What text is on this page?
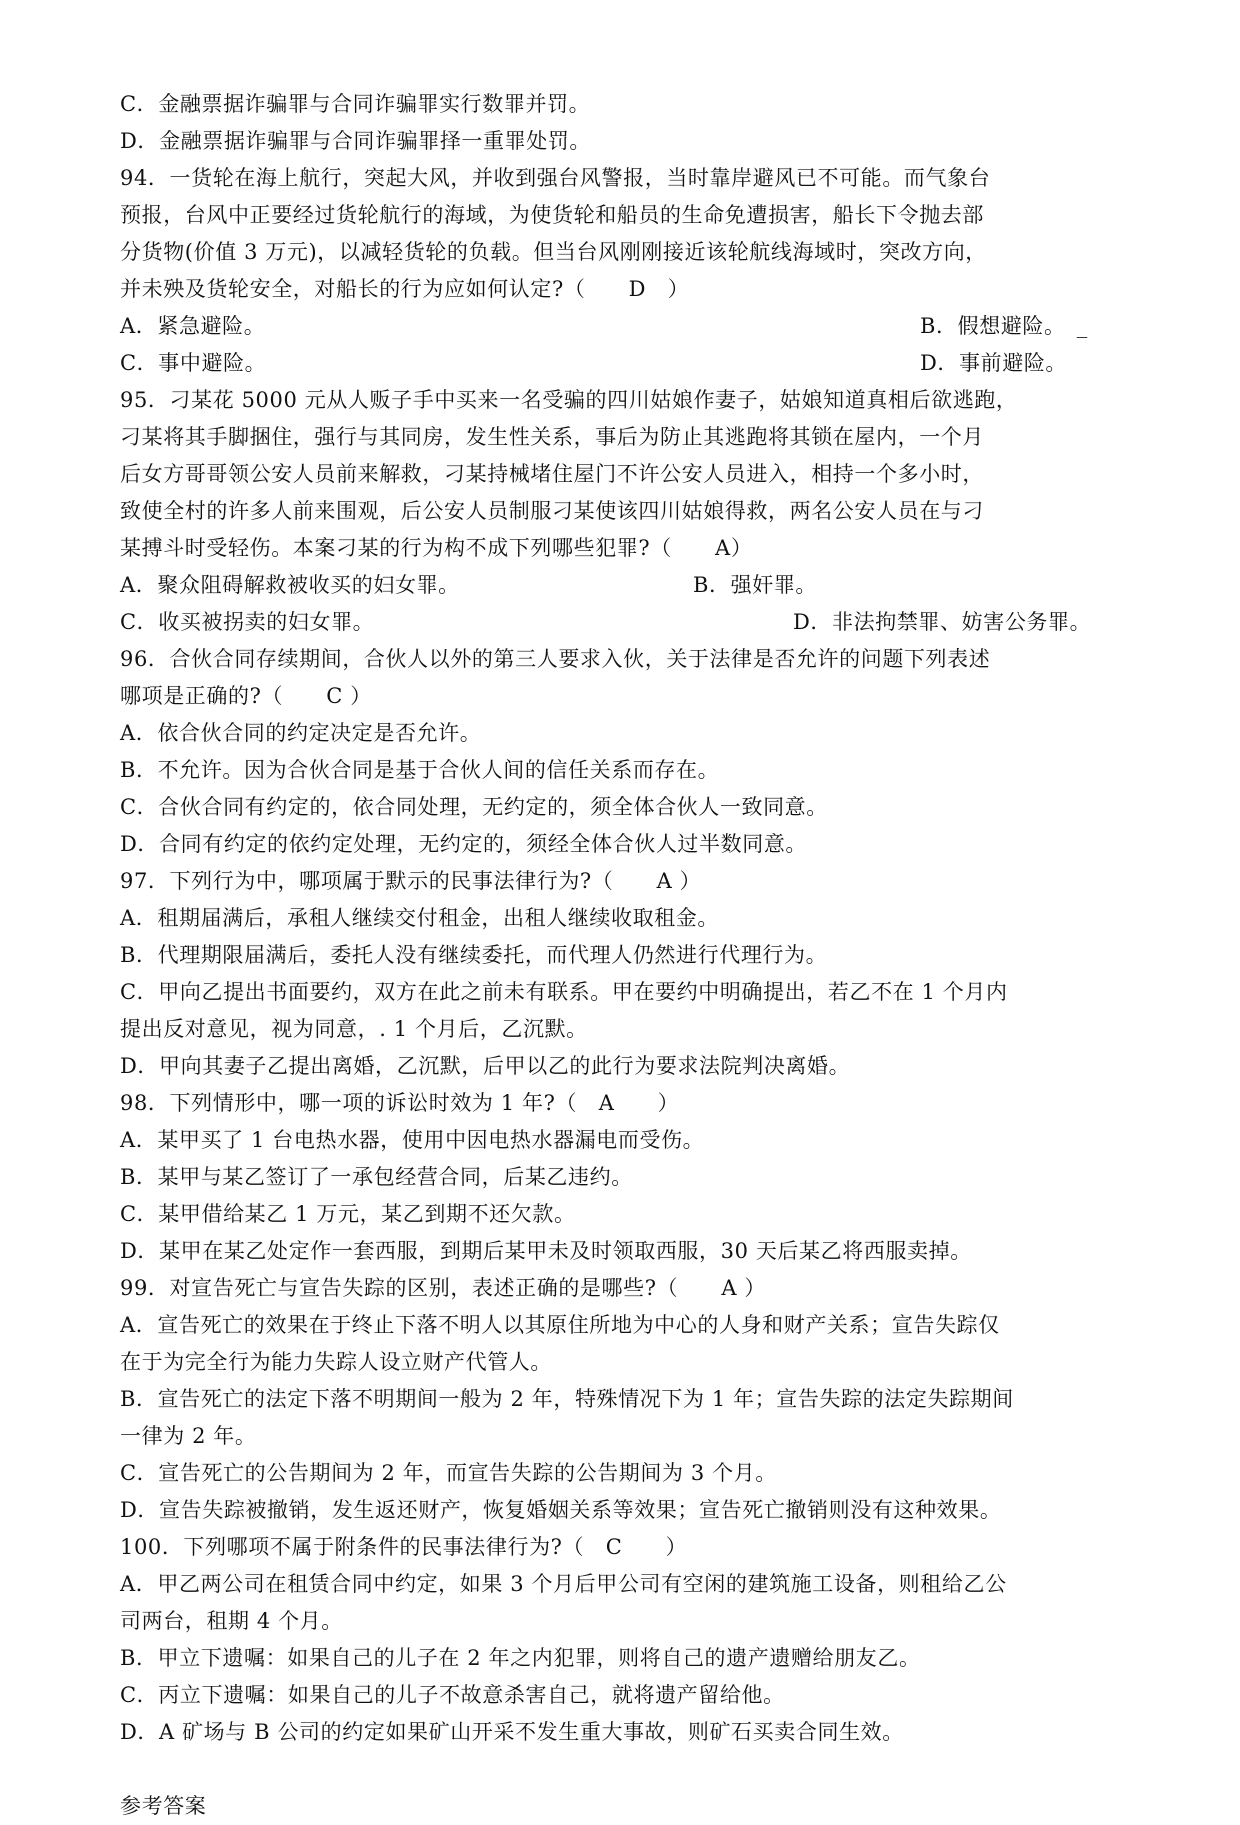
C．金融票据诈骗罪与合同诈骗罪实行数罪并罚。
D．金融票据诈骗罪与合同诈骗罪择一重罪处罚。
94．一货轮在海上航行，突起大风，并收到强台风警报，当时靠岸避风已不可能。而气象台
预报，台风中正要经过货轮航行的海域，为使货轮和船员的生命免遭损害，船长下令抛去部
分货物(价值 3 万元)，以减轻货轮的负载。但当台风刚刚接近该轮航线海域时，突改方向，
并未殃及货轮安全，对船长的行为应如何认定?（　　D　）
A．紧急避险。	B．假想避险。　_
C．事中避险。	D．事前避险。
95．刁某花 5000 元从人贩子手中买来一名受骗的四川姑娘作妻子，姑娘知道真相后欲逃跑，
刁某将其手脚捆住，强行与其同房，发生性关系，事后为防止其逃跑将其锁在屋内，一个月
后女方哥哥领公安人员前来解救，刁某持械堵住屋门不许公安人员进入，相持一个多小时，
致使全村的许多人前来围观，后公安人员制服刁某使该四川姑娘得救，两名公安人员在与刁
某搏斗时受轻伤。本案刁某的行为构不成下列哪些犯罪?（　　A）
A．聚众阻碍解救被收买的妇女罪。	B．强奸罪。
C．收买被拐卖的妇女罪。	D．非法拘禁罪、妨害公务罪。
96．合伙合同存续期间，合伙人以外的第三人要求入伙，关于法律是否允许的问题下列表述
哪项是正确的?（　　C ）
A．依合伙合同的约定决定是否允许。
B．不允许。因为合伙合同是基于合伙人间的信任关系而存在。
C．合伙合同有约定的，依合同处理，无约定的，须全体合伙人一致同意。
D．合同有约定的依约定处理，无约定的，须经全体合伙人过半数同意。
97．下列行为中，哪项属于默示的民事法律行为?（　　A ）
A．租期届满后，承租人继续交付租金，出租人继续收取租金。
B．代理期限届满后，委托人没有继续委托，而代理人仍然进行代理行为。
C．甲向乙提出书面要约，双方在此之前未有联系。甲在要约中明确提出，若乙不在 1 个月内
提出反对意见，视为同意，. 1 个月后，乙沉默。
D．甲向其妻子乙提出离婚，乙沉默，后甲以乙的此行为要求法院判决离婚。
98．下列情形中，哪一项的诉讼时效为 1 年?（　A　　）
A．某甲买了 1 台电热水器，使用中因电热水器漏电而受伤。
B．某甲与某乙签订了一承包经营合同，后某乙违约。
C．某甲借给某乙 1 万元，某乙到期不还欠款。
D．某甲在某乙处定作一套西服，到期后某甲未及时领取西服，30 天后某乙将西服卖掉。
99．对宣告死亡与宣告失踪的区别，表述正确的是哪些?（　　A ）
A．宣告死亡的效果在于终止下落不明人以其原住所地为中心的人身和财产关系；宣告失踪仅
在于为完全行为能力失踪人设立财产代管人。
B．宣告死亡的法定下落不明期间一般为 2 年，特殊情况下为 1 年；宣告失踪的法定失踪期间
一律为 2 年。
C．宣告死亡的公告期间为 2 年，而宣告失踪的公告期间为 3 个月。
D．宣告失踪被撤销，发生返还财产，恢复婚姻关系等效果；宣告死亡撤销则没有这种效果。
100．下列哪项不属于附条件的民事法律行为?（　C　　）
A．甲乙两公司在租赁合同中约定，如果 3 个月后甲公司有空闲的建筑施工设备，则租给乙公
司两台，租期 4 个月。
B．甲立下遗嘱：如果自己的儿子在 2 年之内犯罪，则将自己的遗产遗赠给朋友乙。
C．丙立下遗嘱：如果自己的儿子不故意杀害自己，就将遗产留给他。
D．A 矿场与 B 公司的约定如果矿山开采不发生重大事故，则矿石买卖合同生效。
参考答案
